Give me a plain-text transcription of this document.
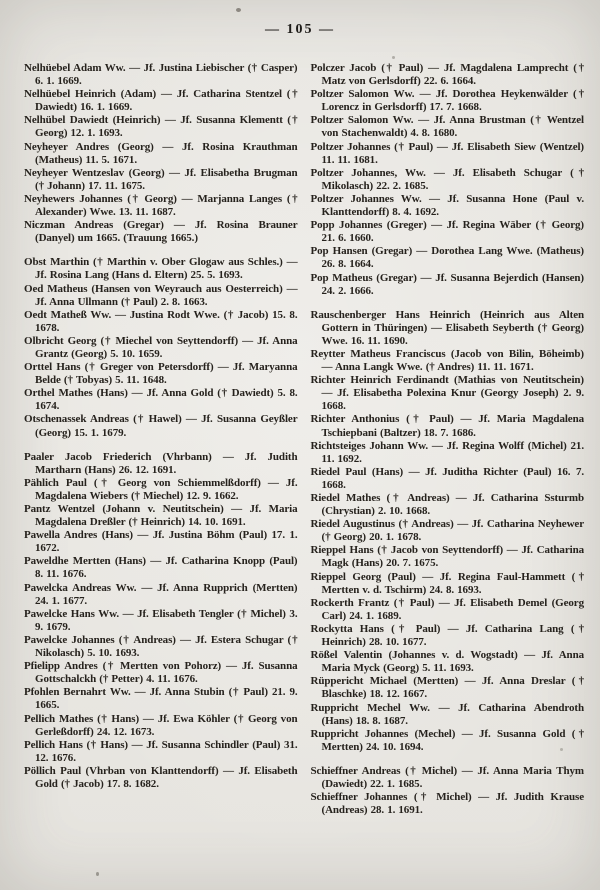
— 105 —

Nelhüebel Adam Ww. — Jf. Justina Liebischer († Casper) 6. 1. 1669.

Nelhüebel Heinrich (Adam) — Jf. Catharina Stentzel († Dawiedt) 16. 1. 1669.

Nelhübel Dawiedt (Heinrich) — Jf. Susanna Klementt († Georg) 12. 1. 1693.

Neyheyer Andres (Georg) — Jf. Rosina Krauthman (Matheus) 11. 5. 1671.

Neyheyer Wentzeslav (Georg) — Jf. Elisabetha Brugman († Johann) 17. 11. 1675.

Neyhewers Johannes († Georg) — Marjanna Langes († Alexander) Wwe. 13. 11. 1687.

Niczman Andreas (Gregar) — Jf. Rosina Brauner (Danyel) um 1665. (Trauung 1665.)

Obst Marthin († Marthin v. Ober Glogaw aus Schles.) — Jf. Rosina Lang (Hans d. Eltern) 25. 5. 1693.

Oed Matheus (Hansen von Weyrauch aus Oesterreich) — Jf. Anna Ullmann († Paul) 2. 8. 1663.

Oedt Matheß Ww. — Justina Rodt Wwe. († Jacob) 15. 8. 1678.

Olbricht Georg († Miechel von Seyttendorff) — Jf. Anna Grantz (Georg) 5. 10. 1659.

Orttel Hans († Greger von Petersdorff) — Jf. Maryanna Belde († Tobyas) 5. 11. 1648.

Orthel Mathes (Hans) — Jf. Anna Gold († Dawiedt) 5. 8. 1674.

Otschenassek Andreas († Hawel) — Jf. Susanna Geyßler (Georg) 15. 1. 1679.

Paaler Jacob Friederich (Vhrbann) — Jf. Judith Martharn (Hans) 26. 12. 1691.

Pählich Paul († Georg von Schiemmelßdorff) — Jf. Magdalena Wiebers († Miechel) 12. 9. 1662.

Pantz Wentzel (Johann v. Neutitschein) — Jf. Maria Magdalena Dreßler († Heinrich) 14. 10. 1691.

Pawella Andres (Hans) — Jf. Justina Böhm (Paul) 17. 1. 1672.

Paweldhe Mertten (Hans) — Jf. Catharina Knopp (Paul) 8. 11. 1676.

Pawelcka Andreas Ww. — Jf. Anna Rupprich (Mertten) 24. 1. 1677.

Pawelcke Hans Ww. — Jf. Elisabeth Tengler († Michel) 3. 9. 1679.

Pawelcke Johannes († Andreas) — Jf. Estera Schugar († Nikolasch) 5. 10. 1693.

Pfielipp Andres († Mertten von Pohorz) — Jf. Susanna Gottschalckh († Petter) 4. 11. 1676.

Pfohlen Bernahrt Ww. — Jf. Anna Stubin († Paul) 21. 9. 1665.

Pellich Mathes († Hans) — Jf. Ewa Köhler († Georg von Gerleßdorff) 24. 12. 1673.

Pellich Hans († Hans) — Jf. Susanna Schindler (Paul) 31. 12. 1676.

Pöllich Paul (Vhrban von Klanttendorff) — Jf. Elisabeth Gold († Jacob) 17. 8. 1682.

Polczer Jacob († Paul) — Jf. Magdalena Lamprecht († Matz von Gerlsdorff) 22. 6. 1664.

Poltzer Salomon Ww. — Jf. Dorothea Heykenwälder († Lorencz in Gerlsdorff) 17. 7. 1668.

Poltzer Salomon Ww. — Jf. Anna Brustman († Wentzel von Stachenwaldt) 4. 8. 1680.

Poltzer Johannes († Paul) — Jf. Elisabeth Siew (Wentzel) 11. 11. 1681.

Poltzer Johannes, Ww. — Jf. Elisabeth Schugar († Mikolasch) 22. 2. 1685.

Poltzer Johannes Ww. — Jf. Susanna Hone (Paul v. Klanttendorff) 8. 4. 1692.

Popp Johannes (Greger) — Jf. Regina Wäber († Georg) 21. 6. 1660.

Pop Hansen (Gregar) — Dorothea Lang Wwe. (Matheus) 26. 8. 1664.

Pop Matheus (Gregar) — Jf. Susanna Bejerdich (Hansen) 24. 2. 1666.

Rauschenberger Hans Heinrich (Heinrich aus Alten Gottern in Thüringen) — Elisabeth Seyberth († Georg) Wwe. 16. 11. 1690.

Reytter Matheus Franciscus (Jacob von Bilin, Böheimb) — Anna Langk Wwe. († Andres) 11. 11. 1671.

Richter Heinrich Ferdinandt (Mathias von Neutitschein) — Jf. Elisabetha Polexina Knur (Georgy Joseph) 2. 9. 1668.

Richter Anthonius († Paul) — Jf. Maria Magdalena Tschiepbani (Baltzer) 18. 7. 1686.

Richtsteiges Johann Ww. — Jf. Regina Wolff (Michel) 21. 11. 1692.

Riedel Paul (Hans) — Jf. Juditha Richter (Paul) 16. 7. 1668.

Riedel Mathes († Andreas) — Jf. Catharina Ssturmb (Chrystian) 2. 10. 1668.

Riedel Augustinus († Andreas) — Jf. Catharina Neyhewer († Georg) 20. 1. 1678.

Rieppel Hans († Jacob von Seyttendorff) — Jf. Catharina Magk (Hans) 20. 7. 1675.

Rieppel Georg (Paul) — Jf. Regina Faul-Hammett († Mertten v. d. Tschirm) 24. 8. 1693.

Rockerth Frantz († Paul) — Jf. Elisabeth Demel (Georg Carl) 24. 1. 1689.

Rockytta Hans († Paul) — Jf. Catharina Lang († Heinrich) 28. 10. 1677.

Rößel Valentin (Johannes v. d. Wogstadt) — Jf. Anna Maria Myck (Georg) 5. 11. 1693.

Rüppericht Michael (Mertten) — Jf. Anna Dreslar († Blaschke) 18. 12. 1667.

Ruppricht Mechel Ww. — Jf. Catharina Abendroth (Hans) 18. 8. 1687.

Ruppricht Johannes (Mechel) — Jf. Susanna Gold († Mertten) 24. 10. 1694.

Schieffner Andreas († Michel) — Jf. Anna Maria Thym (Dawiedt) 22. 1. 1685.

Schieffner Johannes († Michel) — Jf. Judith Krause (Andreas) 28. 1. 1691.
